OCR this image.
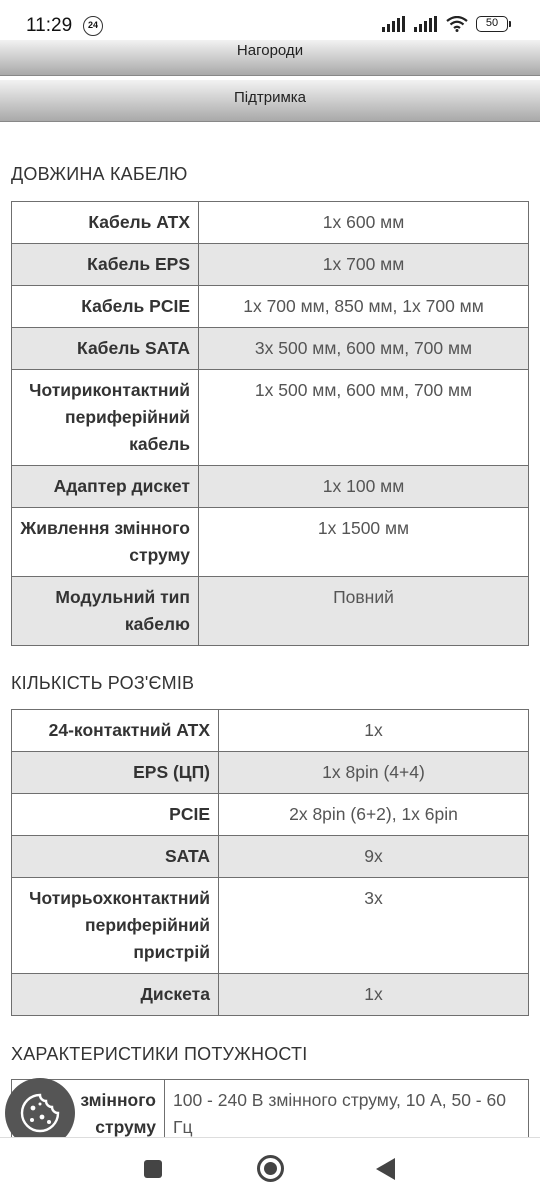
11:29	24	50
Нагороди
Підтримка
ДОВЖИНА КАБЕЛЮ
Кабель ATX	1x 600 мм
Кабель EPS	1x 700 мм
Кабель PCIE	1x 700 мм, 850 мм, 1x 700 мм
Кабель SATA	3x 500 мм, 600 мм, 700 мм
Чотириконтактний периферійний кабель	1x 500 мм, 600 мм, 700 мм
Адаптер дискет	1x 100 мм
Живлення змінного струму	1x 1500 мм
Модульний тип кабелю	Повний
КІЛЬКІСТЬ РОЗ'ЄМІВ
24-контактний ATX	1x
EPS (ЦП)	1x 8pin (4+4)
PCIE	2x 8pin (6+2), 1x 6pin
SATA	9x
Чотирьохконтактний периферійний пристрій	3x
Дискета	1x
ХАРАКТЕРИСТИКИ ПОТУЖНОСТІ
змінного струму	100 - 240 В змінного струму, 10 А, 50 - 60 Гц
